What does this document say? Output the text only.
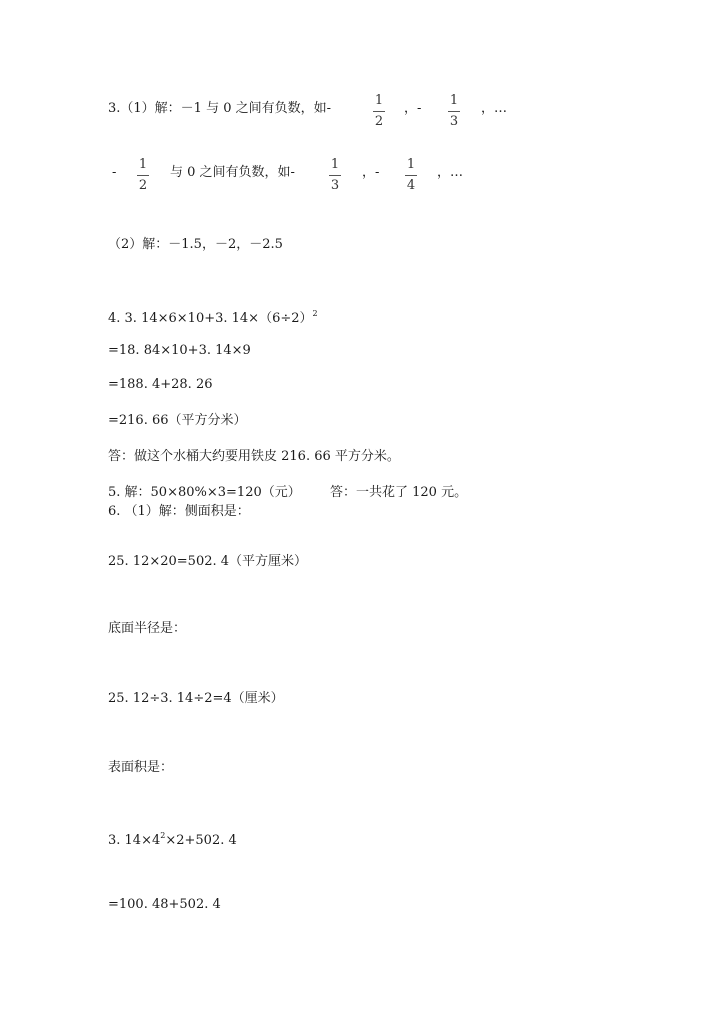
3.（1）解：－1 与 0 之间有负数，如-
1
2
，-
1
3
，…
-
1
2
与 0 之间有负数，如-
1
3
，-
1
4
，…
（2）解：－1.5，－2，－2.5
4. 3. 14×6×10+3. $14\times(6\div 2)^2$
=18. 84×10+3. 14×9
=188. 4+28. 26
=216. 66（平方分米）
答：做这个水桶大约要用铁皮 216. 66 平方分米。
5. 解：50×80%×3=120（元） 答：一共花了 120 元。
6. （1）解：侧面积是：
25. 12×20=502. 4（平方厘米）
底面半径是：
25. 12÷3. 14÷2=4（厘米）
表面积是：
3. $14\times 4^2\times 2+502$. 4
=100. 48+502. 4
